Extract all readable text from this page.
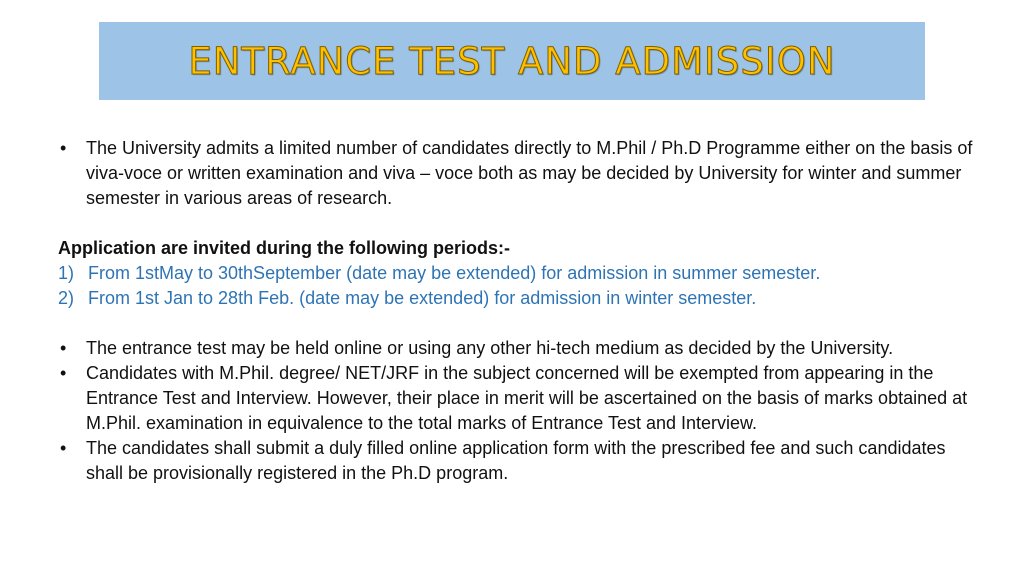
ENTRANCE TEST AND ADMISSION
• The University admits a limited number of candidates directly to M.Phil / Ph.D Programme either on the basis of viva-voce or written examination and viva – voce both as may be decided by University for winter and summer semester in various areas of research.
Application are invited during the following periods:-
1) From 1stMay to 30thSeptember (date may be extended) for admission in summer semester.
2) From 1st Jan to 28th Feb. (date may be extended) for admission in winter semester.
• The entrance test may be held online or using any other hi-tech medium as decided by the University.
• Candidates with M.Phil. degree/ NET/JRF in the subject concerned will be exempted from appearing in the Entrance Test and Interview. However, their place in merit will be ascertained on the basis of marks obtained at M.Phil. examination in equivalence to the total marks of Entrance Test and Interview.
• The candidates shall submit a duly filled online application form with the prescribed fee and such candidates shall be provisionally registered in the Ph.D program.
